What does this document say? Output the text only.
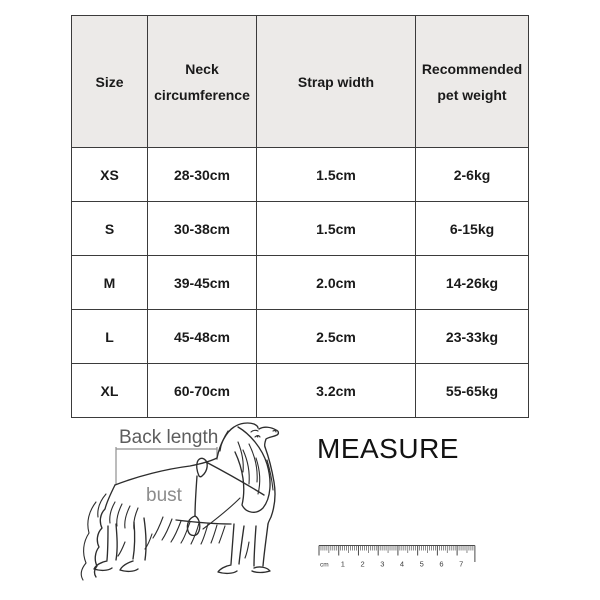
Size	Neck circumference	Strap width	Recommended pet weight
XS	28-30cm	1.5cm	2-6kg
S	30-38cm	1.5cm	6-15kg
M	39-45cm	2.0cm	14-26kg
L	45-48cm	2.5cm	23-33kg
XL	60-70cm	3.2cm	55-65kg
Back length
bust
MEASURE
cm 1 2 3 4 5 6 7
